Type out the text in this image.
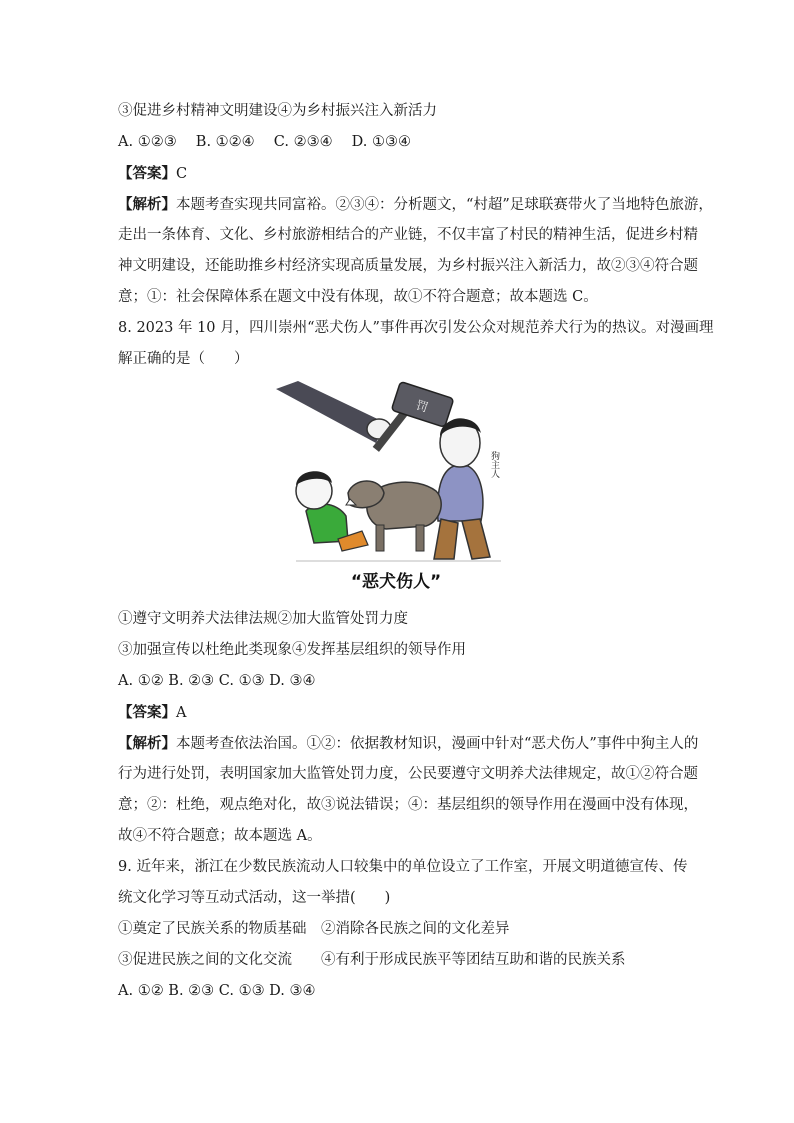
③促进乡村精神文明建设④为乡村振兴注入新活力
A. ①②③　 B. ①②④　 C. ②③④　 D. ①③④
【答案】C
【解析】本题考查实现共同富裕。②③④：分析题文，“村超”足球联赛带火了当地特色旅游，
走出一条体育、文化、乡村旅游相结合的产业链，不仅丰富了村民的精神生活，促进乡村精
神文明建设，还能助推乡村经济实现高质量发展，为乡村振兴注入新活力，故②③④符合题
意；①：社会保障体系在题文中没有体现，故①不符合题意；故本题选 C。
8. 2023 年 10 月，四川崇州“恶犬伤人”事件再次引发公众对规范养犬行为的热议。对漫画理
解正确的是（　　）
罚
狗主人
“恶犬伤人”
①遵守文明养犬法律法规②加大监管处罚力度
③加强宣传以杜绝此类现象④发挥基层组织的领导作用
A. ①② B. ②③ C. ①③ D. ③④
【答案】A
【解析】本题考查依法治国。①②：依据教材知识，漫画中针对“恶犬伤人”事件中狗主人的
行为进行处罚，表明国家加大监管处罚力度，公民要遵守文明养犬法律规定，故①②符合题
意；②：杜绝，观点绝对化，故③说法错误；④：基层组织的领导作用在漫画中没有体现，
故④不符合题意；故本题选 A。
9. 近年来，浙江在少数民族流动人口较集中的单位设立了工作室，开展文明道德宣传、传
统文化学习等互动式活动，这一举措(　　)
①奠定了民族关系的物质基础　②消除各民族之间的文化差异
③促进民族之间的文化交流　　④有利于形成民族平等团结互助和谐的民族关系
A. ①② B. ②③ C. ①③ D. ③④
